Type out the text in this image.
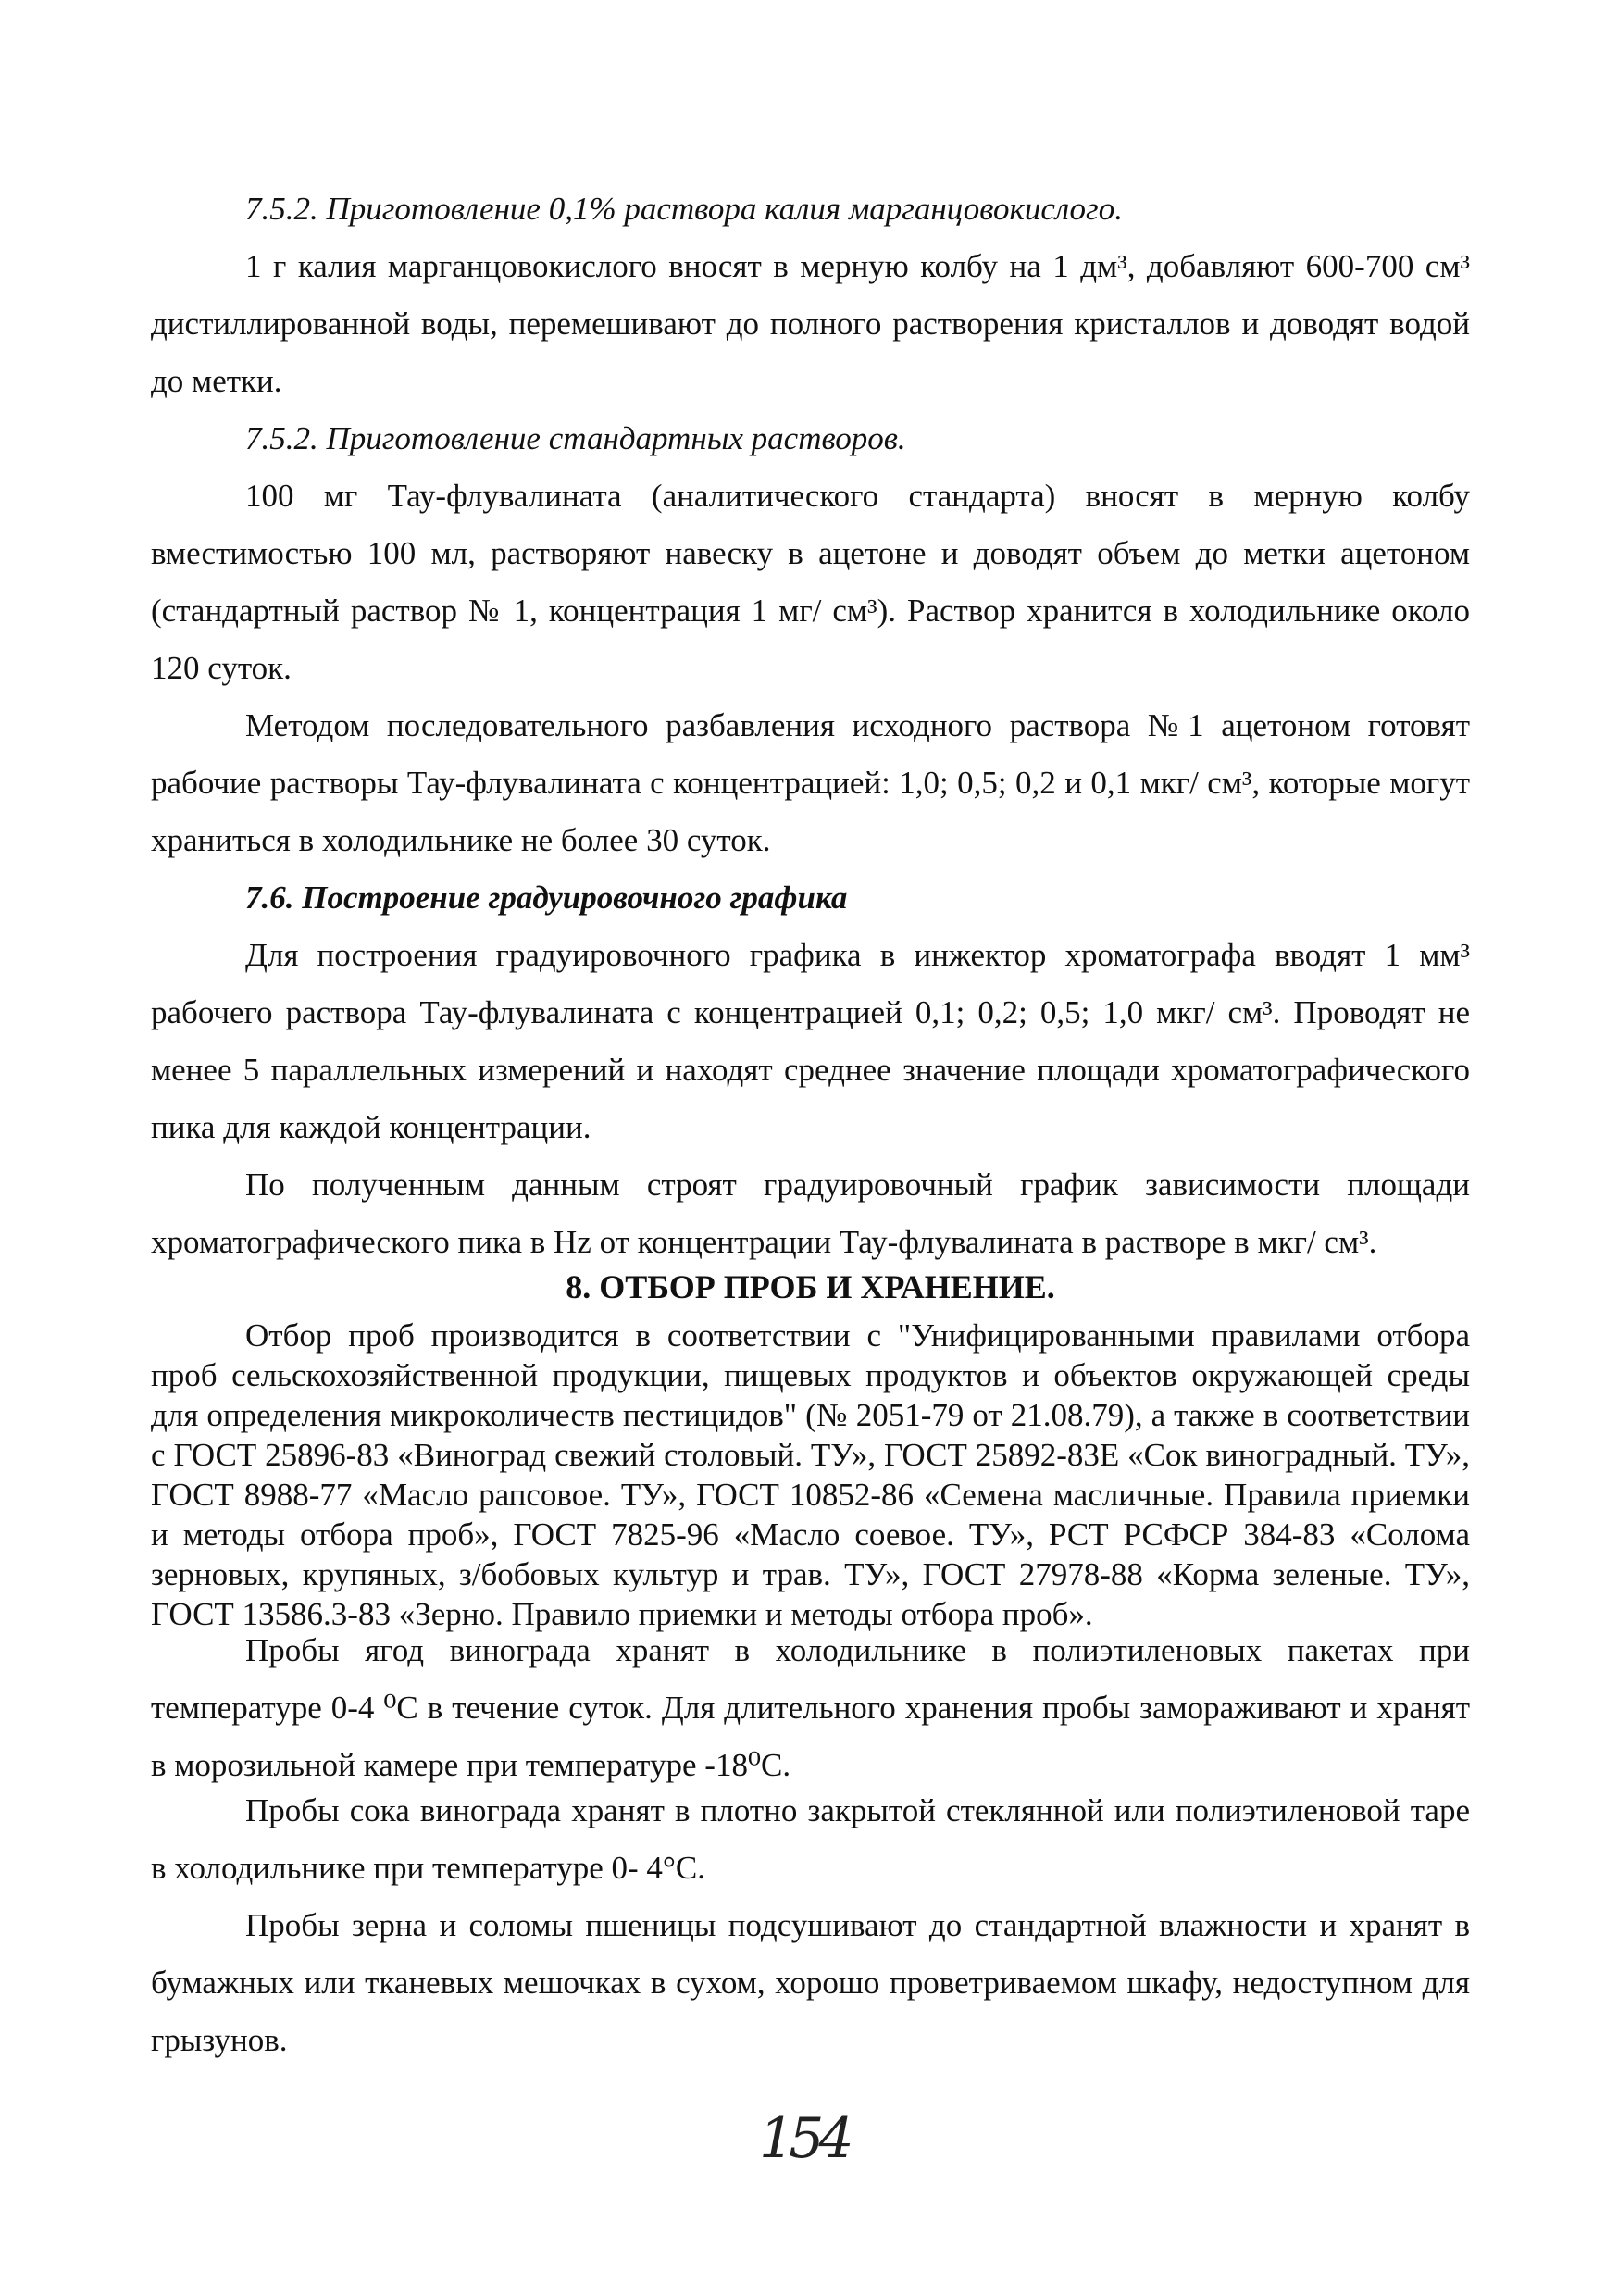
7.5.2. Приготовление 0,1% раствора калия марганцовокислого.

1 г калия марганцовокислого вносят в мерную колбу на 1 дм³, добавляют 600-700 см³ дистиллированной воды, перемешивают до полного растворения кристаллов и доводят водой до метки.

7.5.2. Приготовление стандартных растворов.

100 мг Тау-флувалината (аналитического стандарта) вносят в мерную колбу вместимостью 100 мл, растворяют навеску в ацетоне и доводят объем до метки ацетоном (стандартный раствор № 1, концентрация 1 мг/ см³). Раствор хранится в холодильнике около 120 суток.

Методом последовательного разбавления исходного раствора №1 ацетоном готовят рабочие растворы Тау-флувалината с концентрацией: 1,0; 0,5; 0,2 и 0,1 мкг/ см³, которые могут храниться в холодильнике не более 30 суток.

7.6. Построение градуировочного графика

Для построения градуировочного графика в инжектор хроматографа вводят 1 мм³ рабочего раствора Тау-флувалината с концентрацией 0,1; 0,2; 0,5; 1,0 мкг/ см³. Проводят не менее 5 параллельных измерений и находят среднее значение площади хроматографического пика для каждой концентрации.

По полученным данным строят градуировочный график зависимости площади хроматографического пика в Hz от концентрации Тау-флувалината в растворе в мкг/ см³.

8. ОТБОР ПРОБ И ХРАНЕНИЕ.

Отбор проб производится в соответствии с "Унифицированными правилами отбора проб сельскохозяйственной продукции, пищевых продуктов и объектов окружающей среды для определения микроколичеств пестицидов" (№ 2051-79 от 21.08.79), а также в соответствии с ГОСТ 25896-83 «Виноград свежий столовый. ТУ», ГОСТ 25892-83Е «Сок виноградный. ТУ», ГОСТ 8988-77 «Масло рапсовое. ТУ», ГОСТ 10852-86 «Семена масличные. Правила приемки и методы отбора проб», ГОСТ 7825-96 «Масло соевое. ТУ», РСТ РСФСР 384-83 «Солома зерновых, крупяных, з/бобовых культур и трав. ТУ», ГОСТ 27978-88 «Корма зеленые. ТУ», ГОСТ 13586.3-83 «Зерно. Правило приемки и методы отбора проб».

Пробы ягод винограда хранят в холодильнике в полиэтиленовых пакетах при температуре 0-4 ⁰С в течение суток. Для длительного хранения пробы замораживают и хранят в морозильной камере при температуре -18⁰С.

Пробы сока винограда хранят в плотно закрытой стеклянной или полиэтиленовой таре в холодильнике при температуре 0- 4°С.

Пробы зерна и соломы пшеницы подсушивают до стандартной влажности и хранят в бумажных или тканевых мешочках в сухом, хорошо проветриваемом шкафу, недоступном для грызунов.

154
